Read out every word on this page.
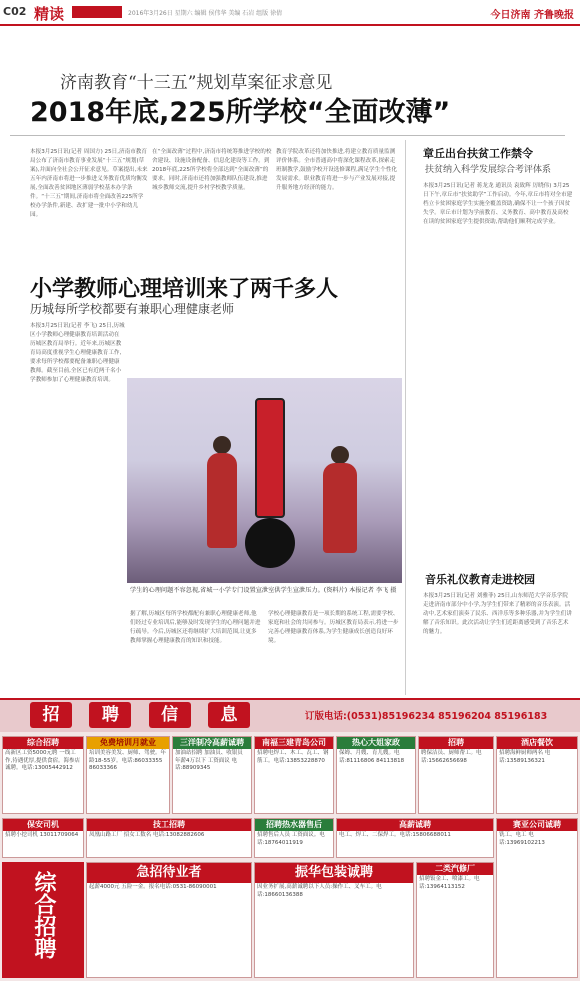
C02 精读	2016年3月26日 星期六 编辑 侯伟华 美编 石岩 组版 徐倩	今日济南 齐鲁晚报
济南教育“十三五”规划草案征求意见
2018年底,225所学校“全面改薄”
本报3月25日讯(记者 周国方) 25日,济南市教育局公布了济南市教育事业发展“十三五”规划(草案),并面向全社会公开征求意见。草案提出,未来五年内济南市将进一步推进义务教育优质均衡发展,全面改善贫困地区薄弱学校基本办学条件。“十三五”期间,济南市将全面改善225所学校办学条件,新建、改扩建一批中小学和幼儿园。
在“全面改薄”过程中,济南市将统筹推进学校的校舍建设、设施设备配备、信息化建设等工作。到2018年底,225所学校将全部达到“全面改薄”的要求。同时,济南市还将加强教师队伍建设,推进城乡教师交流,提升乡村学校教学质量。
教育学院改革还将加快推进,将建立教育质量监测评价体系。全市普通高中将深化课程改革,探索走班制教学,鼓励学校开设选修课程,满足学生个性化发展需求。职业教育将进一步与产业发展对接,提升服务地方经济的能力。
章丘出台扶贫工作禁令
扶贫纳入科学发展综合考评体系
本报3月25日讯(记者 蒋龙龙 通讯员 袁致辉 厉晓伟) 3月25日下午,章丘市“扶贫助学”工作启动。今年,章丘市将对全市建档立卡贫困家庭学生实施全覆盖资助,确保不让一个孩子因贫失学。章丘市计划为学前教育、义务教育、高中教育及高校在读的贫困家庭学生提供资助,帮助他们顺利完成学业。
小学教师心理培训来了两千多人
历城每所学校都要有兼职心理健康老师
本报3月25日讯(记者 李飞) 25日,历城区小学教师心理健康教育培训活动在历城区教育局举行。近年来,历城区教育局高度重视学生心理健康教育工作,要求每所学校都要配备兼职心理健康教师。截至目前,全区已有近两千名小学教师参加了心理健康教育培训。
学生的心理问题不容忽视,省城一小学专门设置宣泄室供学生宣泄压力。(资料片) 本报记者 李飞 摄
据了解,历城区每所学校都配有兼职心理健康老师,他们经过专业培训后,能够及时发现学生的心理问题并进行疏导。今后,历城区还将继续扩大培训范围,让更多教师掌握心理健康教育的知识和技能。
学校心理健康教育是一项长期的系统工程,需要学校、家庭和社会的共同参与。历城区教育局表示,将进一步完善心理健康教育体系,为学生健康成长创造良好环境。
音乐礼仪教育走进校园
本报3月25日讯(记者 刘雅菲) 25日,山东师范大学音乐学院走进济南市部分中小学,为学生们带来了精彩的音乐表演。活动中,艺术家们演奏了民乐、西洋乐等多种乐器,并为学生们讲解了音乐知识。此次活动让学生们近距离感受到了音乐艺术的魅力。
招	聘	信	息	订版电话:(0531)85196234 85196204 85196183
综合招聘
高新区工资5000元聘 一线工作,待遇优厚,提供食宿。海参店诚聘。电话:13005442912
免费培训月就业
培训美容美发、厨师、驾驶。年龄18-55岁。电话:86033355 86033366
三洋制冷高薪诚聘
加油站招聘 加油员、收银员 年薪4万以下 工资面议 电话:88909345
南福三建青岛公司
招聘电焊工、木工、瓦工、钢筋工。电话:13853228870
热心大姐家政
保姆、月嫂、育儿嫂。电话:81116806 84113818
招聘
聘保洁员、厨师帮工。电话:15662656698
酒店餐饮
招聘海鲜厨师两名 电话:13589136321
保安司机
招聘小挖司机 13011709064
技工招聘
凤凰山路工厂 招女工数名 电话:13082882606
招聘热水器售后
招聘售后人员 工资面议。电话:18764011919
高薪诚聘
电工、焊工、二保焊工。电话:15806688011
赛亚公司诚聘
铣工、电工 电话:13969102213
综合招聘	急招待业者
起薪4000元 五险一金。报名电话:0531-86090001
振华包装诚聘
因业务扩展,高薪诚聘以下人员:操作工、叉车工。电话:18660136388
二类汽修厂
招聘钣金工、喷漆工。电话:13964113152
